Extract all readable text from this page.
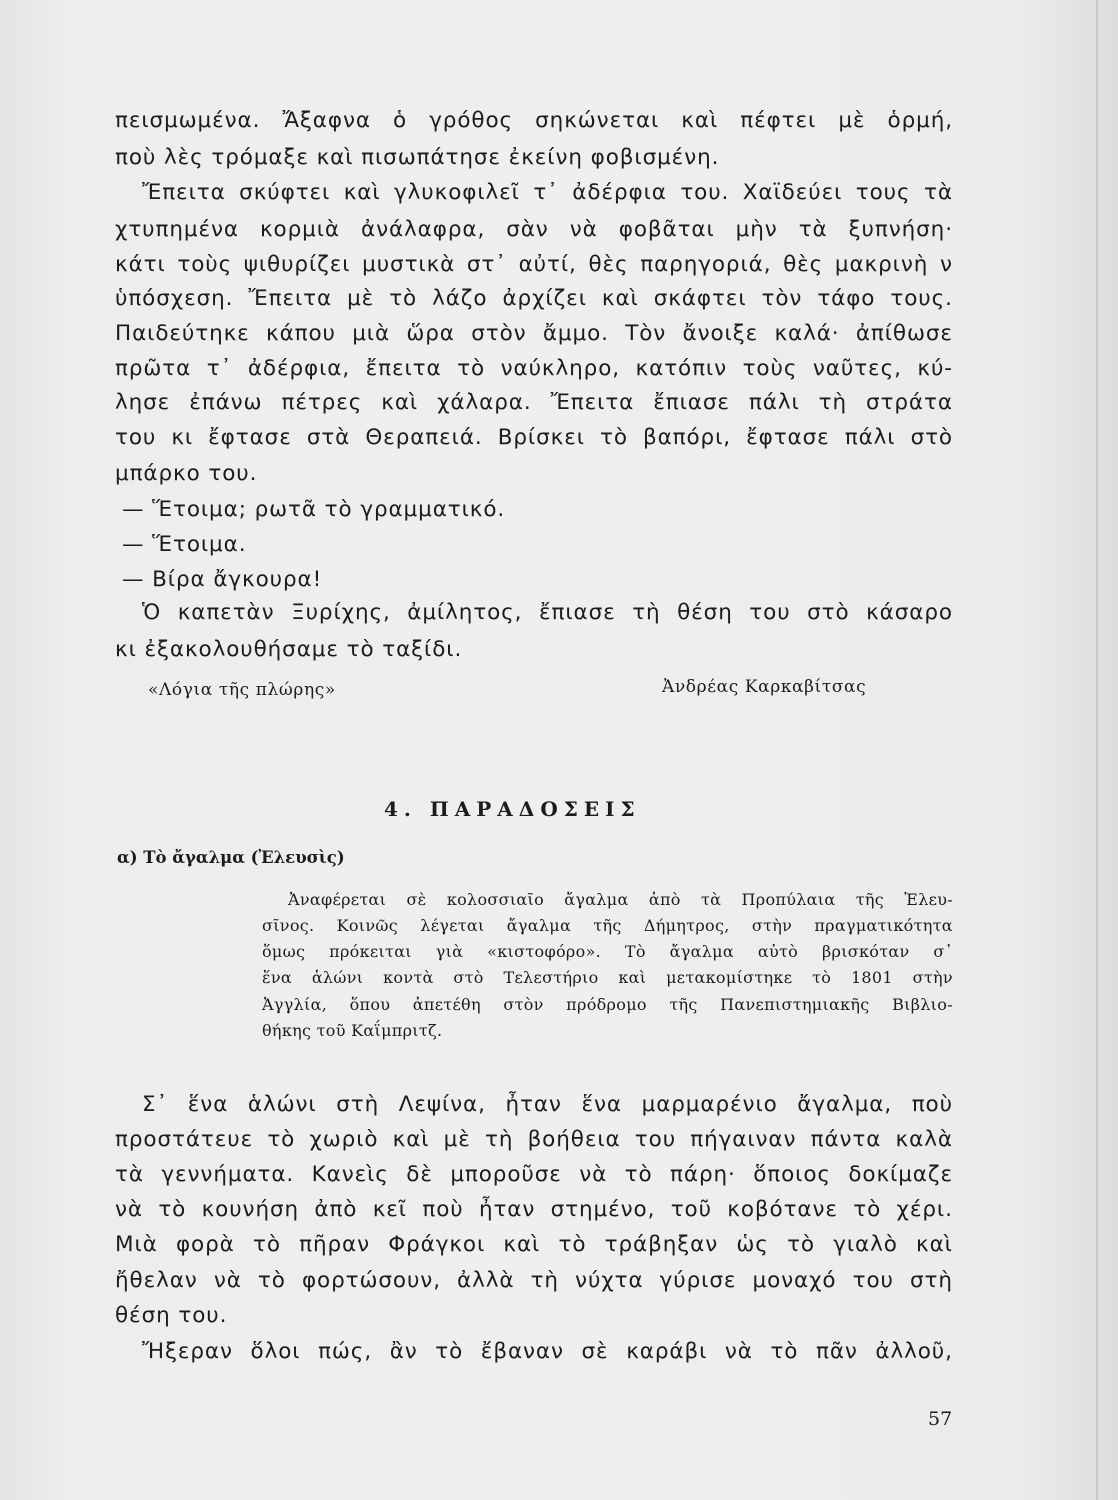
πεισμωμένα. Ἄξαφνα ὁ γρόθος σηκώνεται καὶ πέφτει μὲ ὁρμή,
ποὺ λὲς τρόμαξε καὶ πισωπάτησε ἐκείνη φοβισμένη.
Ἔπειτα σκύφτει καὶ γλυκοφιλεῖ τ᾽ ἀδέρφια του. Χαϊδεύει τους τὰ
χτυπημένα κορμιὰ ἀνάλαφρα, σὰν νὰ φοβᾶται μὴν τὰ ξυπνήση·
κάτι τοὺς ψιθυρίζει μυστικὰ στ᾽ αὐτί, θὲς παρηγοριά, θὲς μακρινὴ ν
ὑπόσχεση. Ἔπειτα μὲ τὸ λάζο ἀρχίζει καὶ σκάφτει τὸν τάφο τους.
Παιδεύτηκε κάπου μιὰ ὥρα στὸν ἄμμο. Τὸν ἄνοιξε καλά· ἀπίθωσε
πρῶτα τ᾽ ἀδέρφια, ἔπειτα τὸ ναύκληρο, κατόπιν τοὺς ναῦτες, κύ-
λησε ἐπάνω πέτρες καὶ χάλαρα. Ἔπειτα ἔπιασε πάλι τὴ στράτα
του κι ἔφτασε στὰ Θεραπειά. Βρίσκει τὸ βαπόρι, ἔφτασε πάλι στὸ
μπάρκο του.
— Ἕτοιμα; ρωτᾶ τὸ γραμματικό.
— Ἕτοιμα.
— Βίρα ἄγκουρα!
Ὁ καπετὰν Ξυρίχης, ἀμίλητος, ἔπιασε τὴ θέση του στὸ κάσαρο
κι ἐξακολουθήσαμε τὸ ταξίδι.
«Λόγια τῆς πλώρης»	Ἀνδρέας Καρκαβίτσας
4. ΠΑΡΑΔΟΣΕΙΣ
α) Τὸ ἄγαλμα (Ἐλευσὶς)
Ἀναφέρεται σὲ κολοσσιαῖο ἄγαλμα ἀπὸ τὰ Προπύλαια τῆς Ἐλευ-
σῖνος. Κοινῶς λέγεται ἄγαλμα τῆς Δήμητρος, στὴν πραγματικότητα
ὅμως πρόκειται γιὰ «κιστοφόρο». Τὸ ἄγαλμα αὐτὸ βρισκόταν σ᾽
ἕνα ἁλώνι κοντὰ στὸ Τελεστήριο καὶ μετακομίστηκε τὸ 1801 στὴν
Ἀγγλία, ὅπου ἀπετέθη στὸν πρόδρομο τῆς Πανεπιστημιακῆς Βιβλιο-
θήκης τοῦ Καΐμπριτζ.
Σ᾽ ἕνα ἁλώνι στὴ Λεψίνα, ἦταν ἕνα μαρμαρένιο ἄγαλμα, ποὺ
προστάτευε τὸ χωριὸ καὶ μὲ τὴ βοήθεια του πήγαιναν πάντα καλὰ
τὰ γεννήματα. Κανεὶς δὲ μποροῦσε νὰ τὸ πάρη· ὅποιος δοκίμαζε
νὰ τὸ κουνήση ἀπὸ κεῖ ποὺ ἦταν στημένο, τοῦ κοβότανε τὸ χέρι.
Μιὰ φορὰ τὸ πῆραν Φράγκοι καὶ τὸ τράβηξαν ὡς τὸ γιαλὸ καὶ
ἤθελαν νὰ τὸ φορτώσουν, ἀλλὰ τὴ νύχτα γύρισε μοναχό του στὴ
θέση του.
Ἤξεραν ὅλοι πώς, ἂν τὸ ἔβαναν σὲ καράβι νὰ τὸ πᾶν ἀλλοῦ,
57
